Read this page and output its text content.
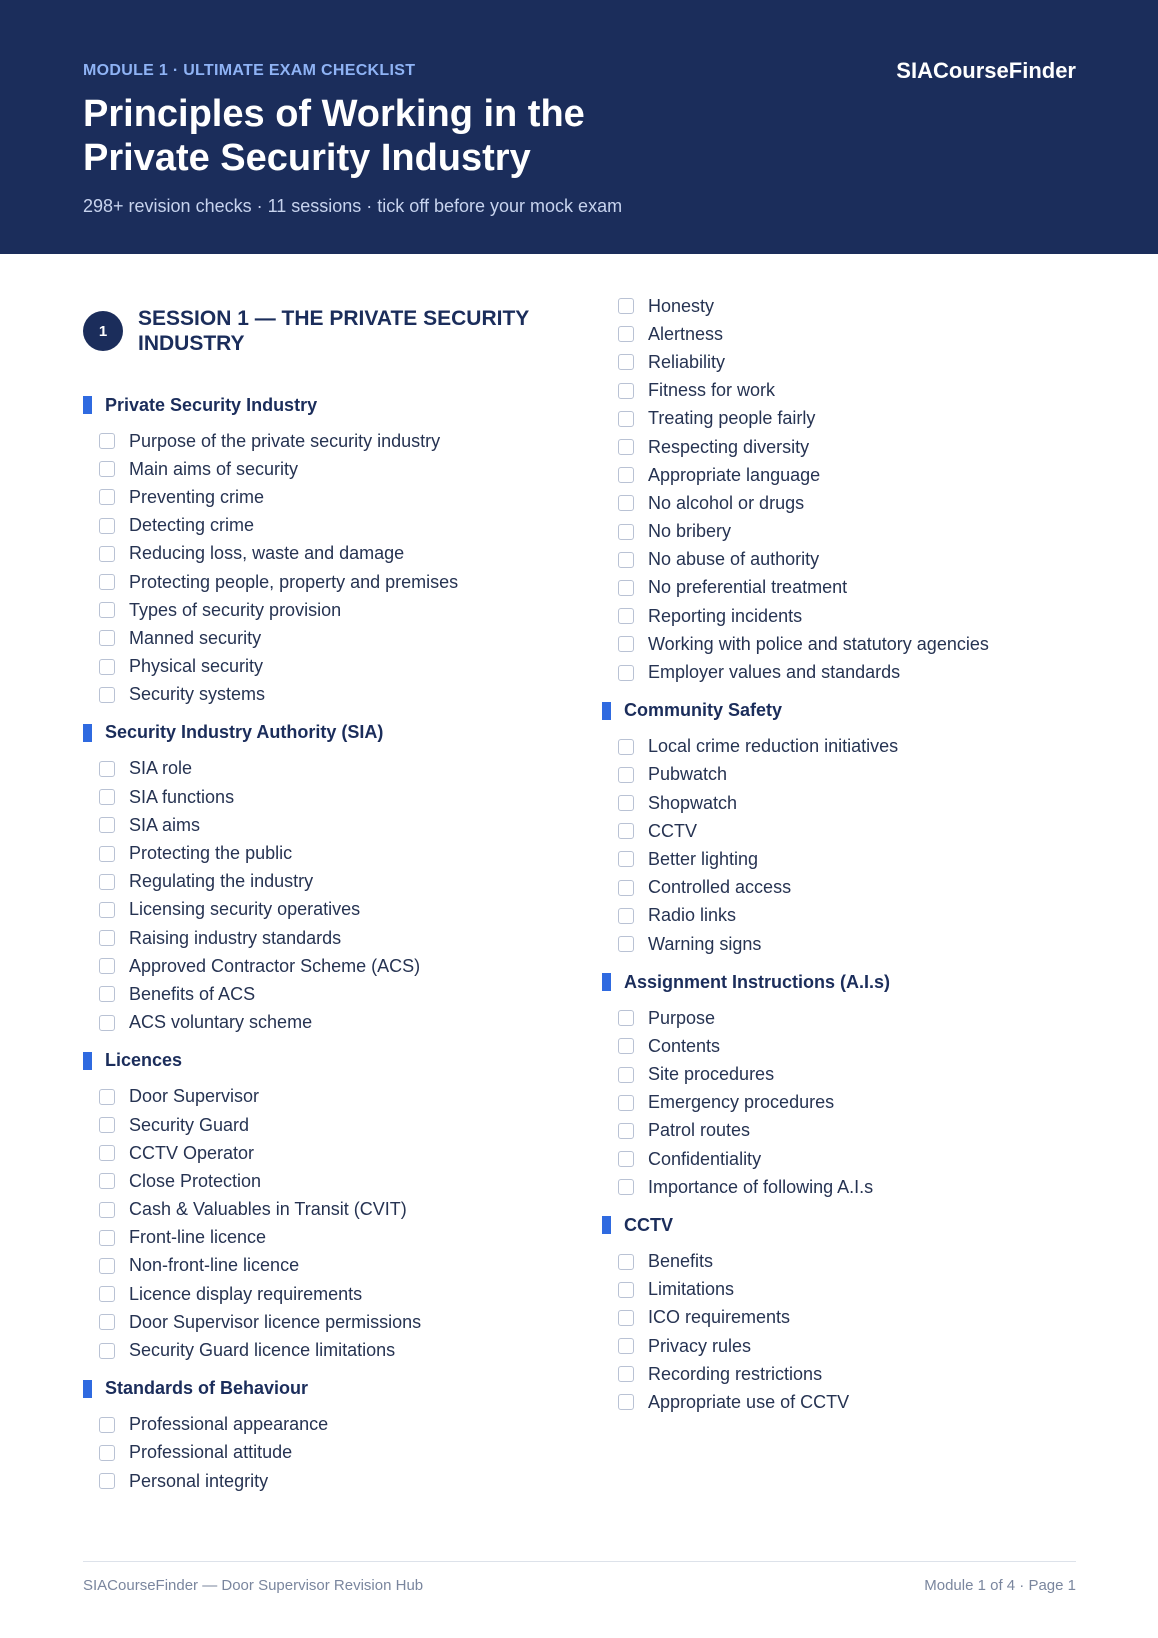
MODULE 1 · ULTIMATE EXAM CHECKLIST	SIACourseFinder
Principles of Working in the Private Security Industry
298+ revision checks · 11 sessions · tick off before your mock exam
1
SESSION 1 — THE PRIVATE SECURITY INDUSTRY
Private Security Industry
Purpose of the private security industry
Main aims of security
Preventing crime
Detecting crime
Reducing loss, waste and damage
Protecting people, property and premises
Types of security provision
Manned security
Physical security
Security systems
Security Industry Authority (SIA)
SIA role
SIA functions
SIA aims
Protecting the public
Regulating the industry
Licensing security operatives
Raising industry standards
Approved Contractor Scheme (ACS)
Benefits of ACS
ACS voluntary scheme
Licences
Door Supervisor
Security Guard
CCTV Operator
Close Protection
Cash & Valuables in Transit (CVIT)
Front-line licence
Non-front-line licence
Licence display requirements
Door Supervisor licence permissions
Security Guard licence limitations
Standards of Behaviour
Professional appearance
Professional attitude
Personal integrity
Honesty
Alertness
Reliability
Fitness for work
Treating people fairly
Respecting diversity
Appropriate language
No alcohol or drugs
No bribery
No abuse of authority
No preferential treatment
Reporting incidents
Working with police and statutory agencies
Employer values and standards
Community Safety
Local crime reduction initiatives
Pubwatch
Shopwatch
CCTV
Better lighting
Controlled access
Radio links
Warning signs
Assignment Instructions (A.I.s)
Purpose
Contents
Site procedures
Emergency procedures
Patrol routes
Confidentiality
Importance of following A.I.s
CCTV
Benefits
Limitations
ICO requirements
Privacy rules
Recording restrictions
Appropriate use of CCTV
SIACourseFinder — Door Supervisor Revision Hub	Module 1 of 4 · Page 1
